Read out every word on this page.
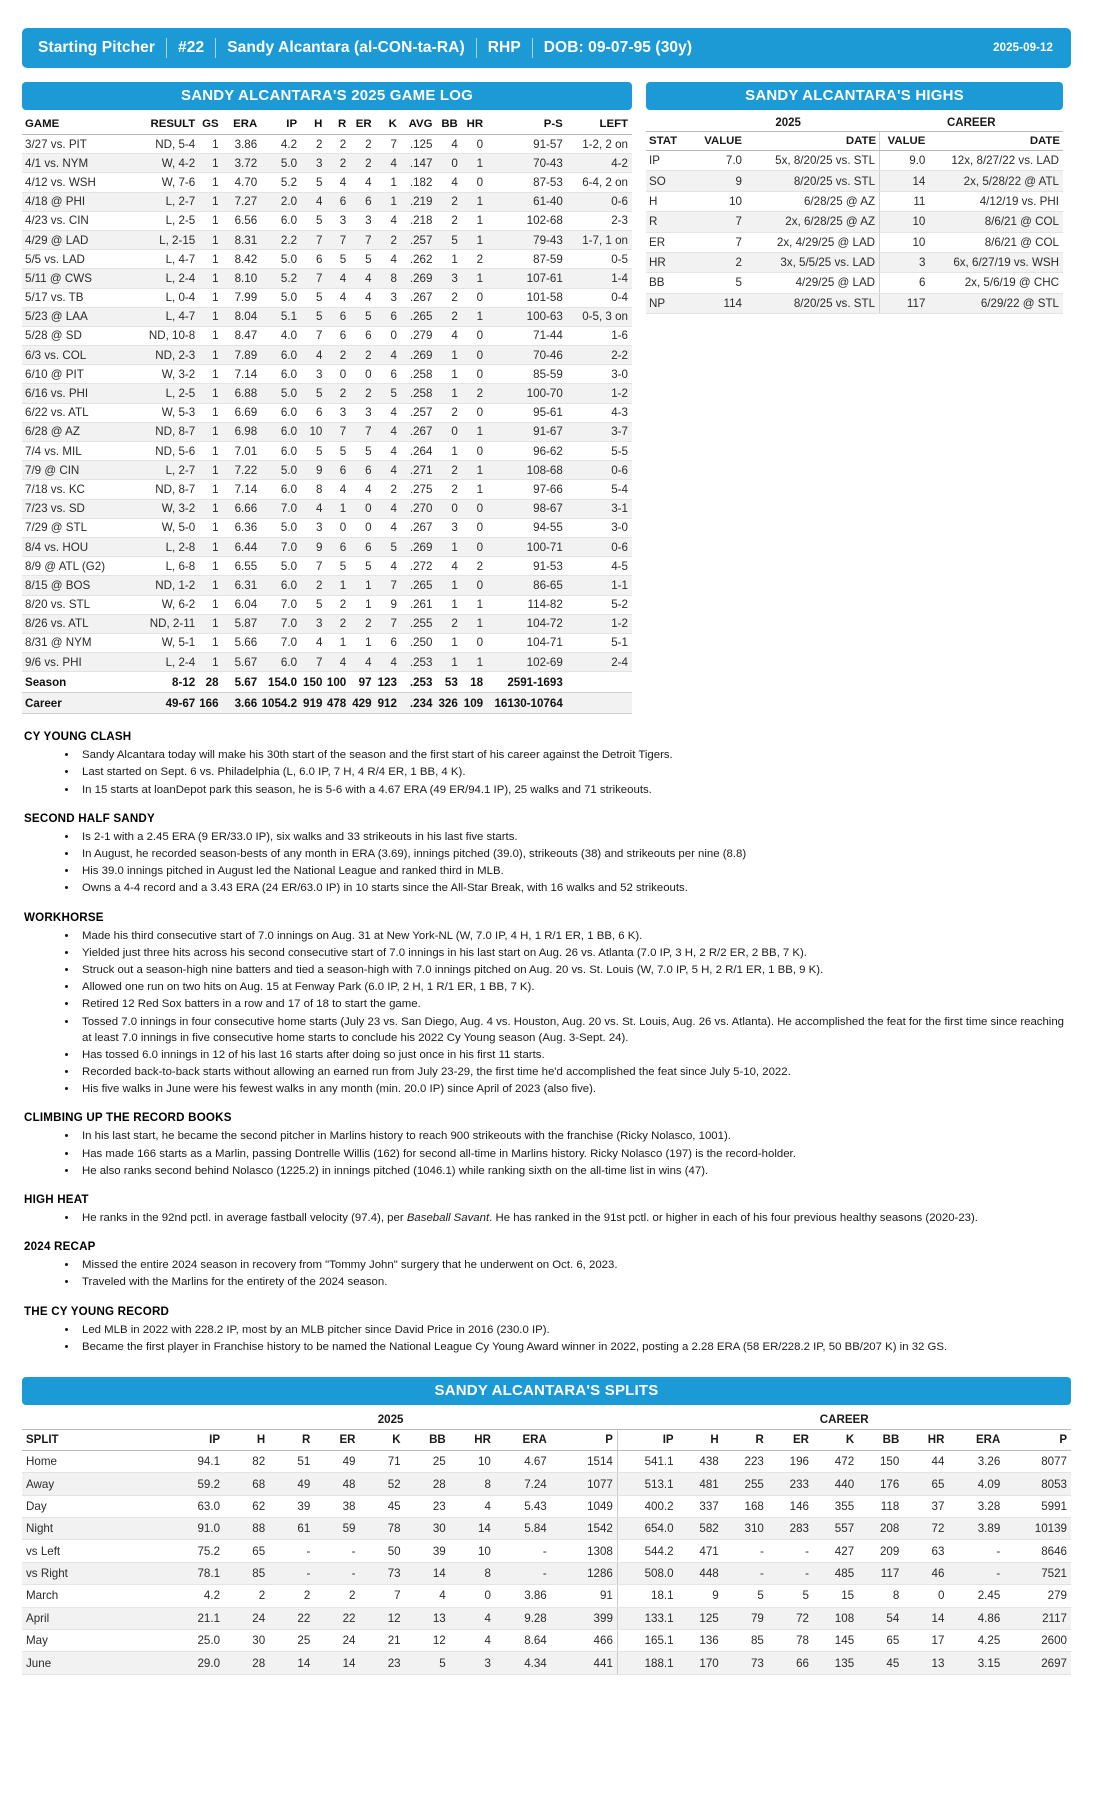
Starting Pitcher	#22	Sandy Alcantara (al-CON-ta-RA)	RHP	DOB: 09-07-95 (30y)	2025-09-12
SANDY ALCANTARA'S 2025 GAME LOG
GAME	RESULT	GS	ERA	IP	H	R	ER	K	AVG	BB	HR	P-S	LEFT
3/27 vs. PIT	ND, 5-4	1	3.86	4.2	2	2	2	7	.125	4	0	91-57	1-2, 2 on
4/1 vs. NYM	W, 4-2	1	3.72	5.0	3	2	2	4	.147	0	1	70-43	4-2
4/12 vs. WSH	W, 7-6	1	4.70	5.2	5	4	4	1	.182	4	0	87-53	6-4, 2 on
4/18 @ PHI	L, 2-7	1	7.27	2.0	4	6	6	1	.219	2	1	61-40	0-6
4/23 vs. CIN	L, 2-5	1	6.56	6.0	5	3	3	4	.218	2	1	102-68	2-3
4/29 @ LAD	L, 2-15	1	8.31	2.2	7	7	7	2	.257	5	1	79-43	1-7, 1 on
5/5 vs. LAD	L, 4-7	1	8.42	5.0	6	5	5	4	.262	1	2	87-59	0-5
5/11 @ CWS	L, 2-4	1	8.10	5.2	7	4	4	8	.269	3	1	107-61	1-4
5/17 vs. TB	L, 0-4	1	7.99	5.0	5	4	4	3	.267	2	0	101-58	0-4
5/23 @ LAA	L, 4-7	1	8.04	5.1	5	6	5	6	.265	2	1	100-63	0-5, 3 on
5/28 @ SD	ND, 10-8	1	8.47	4.0	7	6	6	0	.279	4	0	71-44	1-6
6/3 vs. COL	ND, 2-3	1	7.89	6.0	4	2	2	4	.269	1	0	70-46	2-2
6/10 @ PIT	W, 3-2	1	7.14	6.0	3	0	0	6	.258	1	0	85-59	3-0
6/16 vs. PHI	L, 2-5	1	6.88	5.0	5	2	2	5	.258	1	2	100-70	1-2
6/22 vs. ATL	W, 5-3	1	6.69	6.0	6	3	3	4	.257	2	0	95-61	4-3
6/28 @ AZ	ND, 8-7	1	6.98	6.0	10	7	7	4	.267	0	1	91-67	3-7
7/4 vs. MIL	ND, 5-6	1	7.01	6.0	5	5	5	4	.264	1	0	96-62	5-5
7/9 @ CIN	L, 2-7	1	7.22	5.0	9	6	6	4	.271	2	1	108-68	0-6
7/18 vs. KC	ND, 8-7	1	7.14	6.0	8	4	4	2	.275	2	1	97-66	5-4
7/23 vs. SD	W, 3-2	1	6.66	7.0	4	1	0	4	.270	0	0	98-67	3-1
7/29 @ STL	W, 5-0	1	6.36	5.0	3	0	0	4	.267	3	0	94-55	3-0
8/4 vs. HOU	L, 2-8	1	6.44	7.0	9	6	6	5	.269	1	0	100-71	0-6
8/9 @ ATL (G2)	L, 6-8	1	6.55	5.0	7	5	5	4	.272	4	2	91-53	4-5
8/15 @ BOS	ND, 1-2	1	6.31	6.0	2	1	1	7	.265	1	0	86-65	1-1
8/20 vs. STL	W, 6-2	1	6.04	7.0	5	2	1	9	.261	1	1	114-82	5-2
8/26 vs. ATL	ND, 2-11	1	5.87	7.0	3	2	2	7	.255	2	1	104-72	1-2
8/31 @ NYM	W, 5-1	1	5.66	7.0	4	1	1	6	.250	1	0	104-71	5-1
9/6 vs. PHI	L, 2-4	1	5.67	6.0	7	4	4	4	.253	1	1	102-69	2-4
Season	8-12	28	5.67	154.0	150	100	97	123	.253	53	18	2591-1693	
Career	49-67	166	3.66	1054.2	919	478	429	912	.234	326	109	16130-10764	
SANDY ALCANTARA'S HIGHS
	2025		CAREER	
STAT	VALUE	DATE	VALUE	DATE
IP	7.0	5x, 8/20/25 vs. STL	9.0	12x, 8/27/22 vs. LAD
SO	9	8/20/25 vs. STL	14	2x, 5/28/22 @ ATL
H	10	6/28/25 @ AZ	11	4/12/19 vs. PHI
R	7	2x, 6/28/25 @ AZ	10	8/6/21 @ COL
ER	7	2x, 4/29/25 @ LAD	10	8/6/21 @ COL
HR	2	3x, 5/5/25 vs. LAD	3	6x, 6/27/19 vs. WSH
BB	5	4/29/25 @ LAD	6	2x, 5/6/19 @ CHC
NP	114	8/20/25 vs. STL	117	6/29/22 @ STL
CY YOUNG CLASH
• Sandy Alcantara today will make his 30th start of the season and the first start of his career against the Detroit Tigers.
• Last started on Sept. 6 vs. Philadelphia (L, 6.0 IP, 7 H, 4 R/4 ER, 1 BB, 4 K).
• In 15 starts at loanDepot park this season, he is 5-6 with a 4.67 ERA (49 ER/94.1 IP), 25 walks and 71 strikeouts.
SECOND HALF SANDY
• Is 2-1 with a 2.45 ERA (9 ER/33.0 IP), six walks and 33 strikeouts in his last five starts.
• In August, he recorded season-bests of any month in ERA (3.69), innings pitched (39.0), strikeouts (38) and strikeouts per nine (8.8)
• His 39.0 innings pitched in August led the National League and ranked third in MLB.
• Owns a 4-4 record and a 3.43 ERA (24 ER/63.0 IP) in 10 starts since the All-Star Break, with 16 walks and 52 strikeouts.
WORKHORSE
• Made his third consecutive start of 7.0 innings on Aug. 31 at New York-NL (W, 7.0 IP, 4 H, 1 R/1 ER, 1 BB, 6 K).
• Yielded just three hits across his second consecutive start of 7.0 innings in his last start on Aug. 26 vs. Atlanta (7.0 IP, 3 H, 2 R/2 ER, 2 BB, 7 K).
• Struck out a season-high nine batters and tied a season-high with 7.0 innings pitched on Aug. 20 vs. St. Louis (W, 7.0 IP, 5 H, 2 R/1 ER, 1 BB, 9 K).
• Allowed one run on two hits on Aug. 15 at Fenway Park (6.0 IP, 2 H, 1 R/1 ER, 1 BB, 7 K).
• Retired 12 Red Sox batters in a row and 17 of 18 to start the game.
• Tossed 7.0 innings in four consecutive home starts (July 23 vs. San Diego, Aug. 4 vs. Houston, Aug. 20 vs. St. Louis, Aug. 26 vs. Atlanta). He accomplished the feat for the first time since reaching at least 7.0 innings in five consecutive home starts to conclude his 2022 Cy Young season (Aug. 3-Sept. 24).
• Has tossed 6.0 innings in 12 of his last 16 starts after doing so just once in his first 11 starts.
• Recorded back-to-back starts without allowing an earned run from July 23-29, the first time he'd accomplished the feat since July 5-10, 2022.
• His five walks in June were his fewest walks in any month (min. 20.0 IP) since April of 2023 (also five).
CLIMBING UP THE RECORD BOOKS
• In his last start, he became the second pitcher in Marlins history to reach 900 strikeouts with the franchise (Ricky Nolasco, 1001).
• Has made 166 starts as a Marlin, passing Dontrelle Willis (162) for second all-time in Marlins history. Ricky Nolasco (197) is the record-holder.
• He also ranks second behind Nolasco (1225.2) in innings pitched (1046.1) while ranking sixth on the all-time list in wins (47).
HIGH HEAT
• He ranks in the 92nd pctl. in average fastball velocity (97.4), per Baseball Savant. He has ranked in the 91st pctl. or higher in each of his four previous healthy seasons (2020-23).
2024 RECAP
• Missed the entire 2024 season in recovery from "Tommy John" surgery that he underwent on Oct. 6, 2023.
• Traveled with the Marlins for the entirety of the 2024 season.
THE CY YOUNG RECORD
• Led MLB in 2022 with 228.2 IP, most by an MLB pitcher since David Price in 2016 (230.0 IP).
• Became the first player in Franchise history to be named the National League Cy Young Award winner in 2022, posting a 2.28 ERA (58 ER/228.2 IP, 50 BB/207 K) in 32 GS.
SANDY ALCANTARA'S SPLITS
	2025									CAREER								
SPLIT	IP	H	R	ER	K	BB	HR	ERA	P	IP	H	R	ER	K	BB	HR	ERA	P
Home	94.1	82	51	49	71	25	10	4.67	1514	541.1	438	223	196	472	150	44	3.26	8077
Away	59.2	68	49	48	52	28	8	7.24	1077	513.1	481	255	233	440	176	65	4.09	8053
Day	63.0	62	39	38	45	23	4	5.43	1049	400.2	337	168	146	355	118	37	3.28	5991
Night	91.0	88	61	59	78	30	14	5.84	1542	654.0	582	310	283	557	208	72	3.89	10139
vs Left	75.2	65	-	-	50	39	10	-	1308	544.2	471	-	-	427	209	63	-	8646
vs Right	78.1	85	-	-	73	14	8	-	1286	508.0	448	-	-	485	117	46	-	7521
March	4.2	2	2	2	7	4	0	3.86	91	18.1	9	5	5	15	8	0	2.45	279
April	21.1	24	22	22	12	13	4	9.28	399	133.1	125	79	72	108	54	14	4.86	2117
May	25.0	30	25	24	21	12	4	8.64	466	165.1	136	85	78	145	65	17	4.25	2600
June	29.0	28	14	14	23	5	3	4.34	441	188.1	170	73	66	135	45	13	3.15	2697
